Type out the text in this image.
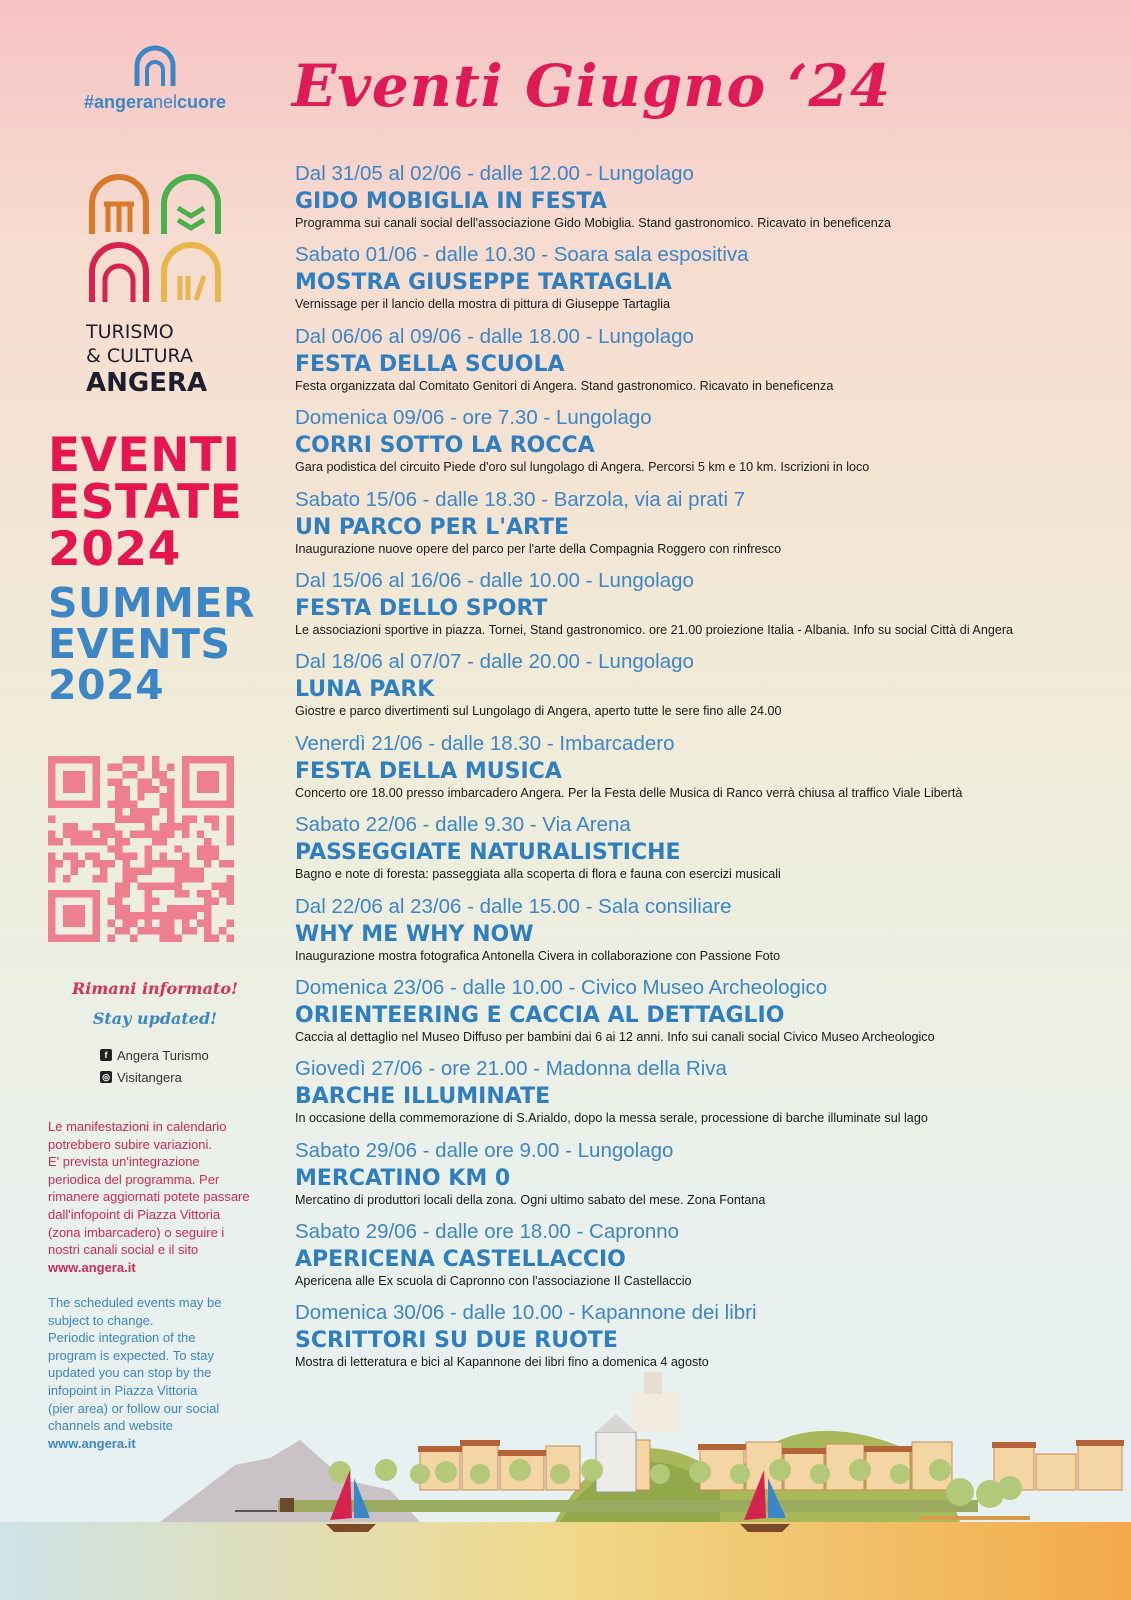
#angeranelcuore
TURISMO
& CULTURA
ANGERA
EVENTI
ESTATE
2024
SUMMER
EVENTS
2024
Rimani informato!
Stay updated!
f Angera Turismo
◎ Visitangera
Le manifestazioni in calendario
potrebbero subire variazioni.
E' prevista un'integrazione
periodica del programma. Per
rimanere aggiornati potete passare
dall'infopoint di Piazza Vittoria
(zona imbarcadero) o seguire i
nostri canali social e il sito
www.angera.it
The scheduled events may be
subject to change.
Periodic integration of the
program is expected. To stay
updated you can stop by the
infopoint in Piazza Vittoria
(pier area) or follow our social
channels and website
www.angera.it
Eventi Giugno ‘24
Dal 31/05 al 02/06 - dalle 12.00 - Lungolago
GIDO MOBIGLIA IN FESTA
Programma sui canali social dell'associazione Gido Mobiglia. Stand gastronomico. Ricavato in beneficenza
Sabato 01/06 - dalle 10.30 - Soara sala espositiva
MOSTRA GIUSEPPE TARTAGLIA
Vernissage per il lancio della mostra di pittura di Giuseppe Tartaglia
Dal 06/06 al 09/06 - dalle 18.00 - Lungolago
FESTA DELLA SCUOLA
Festa organizzata dal Comitato Genitori di Angera. Stand gastronomico. Ricavato in beneficenza
Domenica 09/06 - ore 7.30 - Lungolago
CORRI SOTTO LA ROCCA
Gara podistica del circuito Piede d'oro sul lungolago di Angera. Percorsi 5 km e 10 km. Iscrizioni in loco
Sabato 15/06 - dalle 18.30 - Barzola, via ai prati 7
UN PARCO PER L'ARTE
Inaugurazione nuove opere del parco per l'arte della Compagnia Roggero con rinfresco
Dal 15/06 al 16/06 - dalle 10.00 - Lungolago
FESTA DELLO SPORT
Le associazioni sportive in piazza. Tornei, Stand gastronomico. ore 21.00 proiezione Italia - Albania. Info su social Città di Angera
Dal 18/06 al 07/07 - dalle 20.00 - Lungolago
LUNA PARK
Giostre e parco divertimenti sul Lungolago di Angera, aperto tutte le sere fino alle 24.00
Venerdì 21/06 - dalle 18.30 - Imbarcadero
FESTA DELLA MUSICA
Concerto ore 18.00 presso imbarcadero Angera. Per la Festa delle Musica di Ranco verrà chiusa al traffico Viale Libertà
Sabato 22/06 - dalle 9.30 - Via Arena
PASSEGGIATE NATURALISTICHE
Bagno e note di foresta: passeggiata alla scoperta di flora e fauna con esercizi musicali
Dal 22/06 al 23/06 - dalle 15.00 - Sala consiliare
WHY ME WHY NOW
Inaugurazione mostra fotografica Antonella Civera in collaborazione con Passione Foto
Domenica 23/06 - dalle 10.00 - Civico Museo Archeologico
ORIENTEERING E CACCIA AL DETTAGLIO
Caccia al dettaglio nel Museo Diffuso per bambini dai 6 ai 12 anni. Info sui canali social Civico Museo Archeologico
Giovedì 27/06 - ore 21.00 - Madonna della Riva
BARCHE ILLUMINATE
In occasione della commemorazione di S.Arialdo, dopo la messa serale, processione di barche illuminate sul lago
Sabato 29/06 - dalle ore 9.00 - Lungolago
MERCATINO KM 0
Mercatino di produttori locali della zona. Ogni ultimo sabato del mese. Zona Fontana
Sabato 29/06 - dalle ore 18.00 - Capronno
APERICENA CASTELLACCIO
Apericena alle Ex scuola di Capronno con l'associazione Il Castellaccio
Domenica 30/06 - dalle 10.00 - Kapannone dei libri
SCRITTORI SU DUE RUOTE
Mostra di letteratura e bici al Kapannone dei libri fino a domenica 4 agosto
